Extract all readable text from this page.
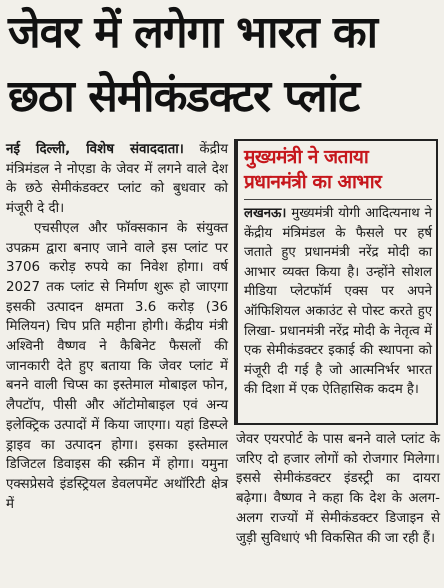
जेवर में लगेगा भारत का
छठा सेमीकंडक्टर प्लांट

नई दिल्ली, विशेष संवाददाता। केंद्रीय मंत्रिमंडल ने नोएडा के जेवर में लगने वाले देश के छठे सेमीकंडक्टर प्लांट को बुधवार को मंजूरी दे दी।

एचसीएल और फॉक्सकान के संयुक्त उपक्रम द्वारा बनाए जाने वाले इस प्लांट पर 3706 करोड़ रुपये का निवेश होगा। वर्ष 2027 तक प्लांट से निर्माण शुरू हो जाएगा इसकी उत्पादन क्षमता 3.6 करोड़ (36 मिलियन) चिप प्रति महीना होगी। केंद्रीय मंत्री अश्विनी वैष्णव ने कैबिनेट फैसलों की जानकारी देते हुए बताया कि जेवर प्लांट में बनने वाली चिप्स का इस्तेमाल मोबाइल फोन, लैपटॉप, पीसी और ऑटोमोबाइल एवं अन्य इलेक्ट्रिक उत्पादों में किया जाएगा। यहां डिस्प्ले ड्राइव का उत्पादन होगा। इसका इस्तेमाल डिजिटल डिवाइस की स्क्रीन में होगा। यमुना एक्सप्रेसवे इंडस्ट्रियल डेवलपमेंट अथॉरिटी क्षेत्र में

मुख्यमंत्री ने जताया प्रधानमंत्री का आभार
लखनऊ। मुख्यमंत्री योगी आदित्यनाथ ने केंद्रीय मंत्रिमंडल के फैसले पर हर्ष जताते हुए प्रधानमंत्री नरेंद्र मोदी का आभार व्यक्त किया है। उन्होंने सोशल मीडिया प्लेटफॉर्म एक्स पर अपने ऑफिशियल अकाउंट से पोस्ट करते हुए लिखा- प्रधानमंत्री नरेंद्र मोदी के नेतृत्व में एक सेमीकंडक्टर इकाई की स्थापना को मंजूरी दी गई है जो आत्मनिर्भर भारत की दिशा में एक ऐतिहासिक कदम है।

जेवर एयरपोर्ट के पास बनने वाले प्लांट के जरिए दो हजार लोगों को रोजगार मिलेगा। इससे सेमीकंडक्टर इंडस्ट्री का दायरा बढ़ेगा। वैष्णव ने कहा कि देश के अलग-अलग राज्यों में सेमीकंडक्टर डिजाइन से जुड़ी सुविधाएं भी विकसित की जा रही हैं।
